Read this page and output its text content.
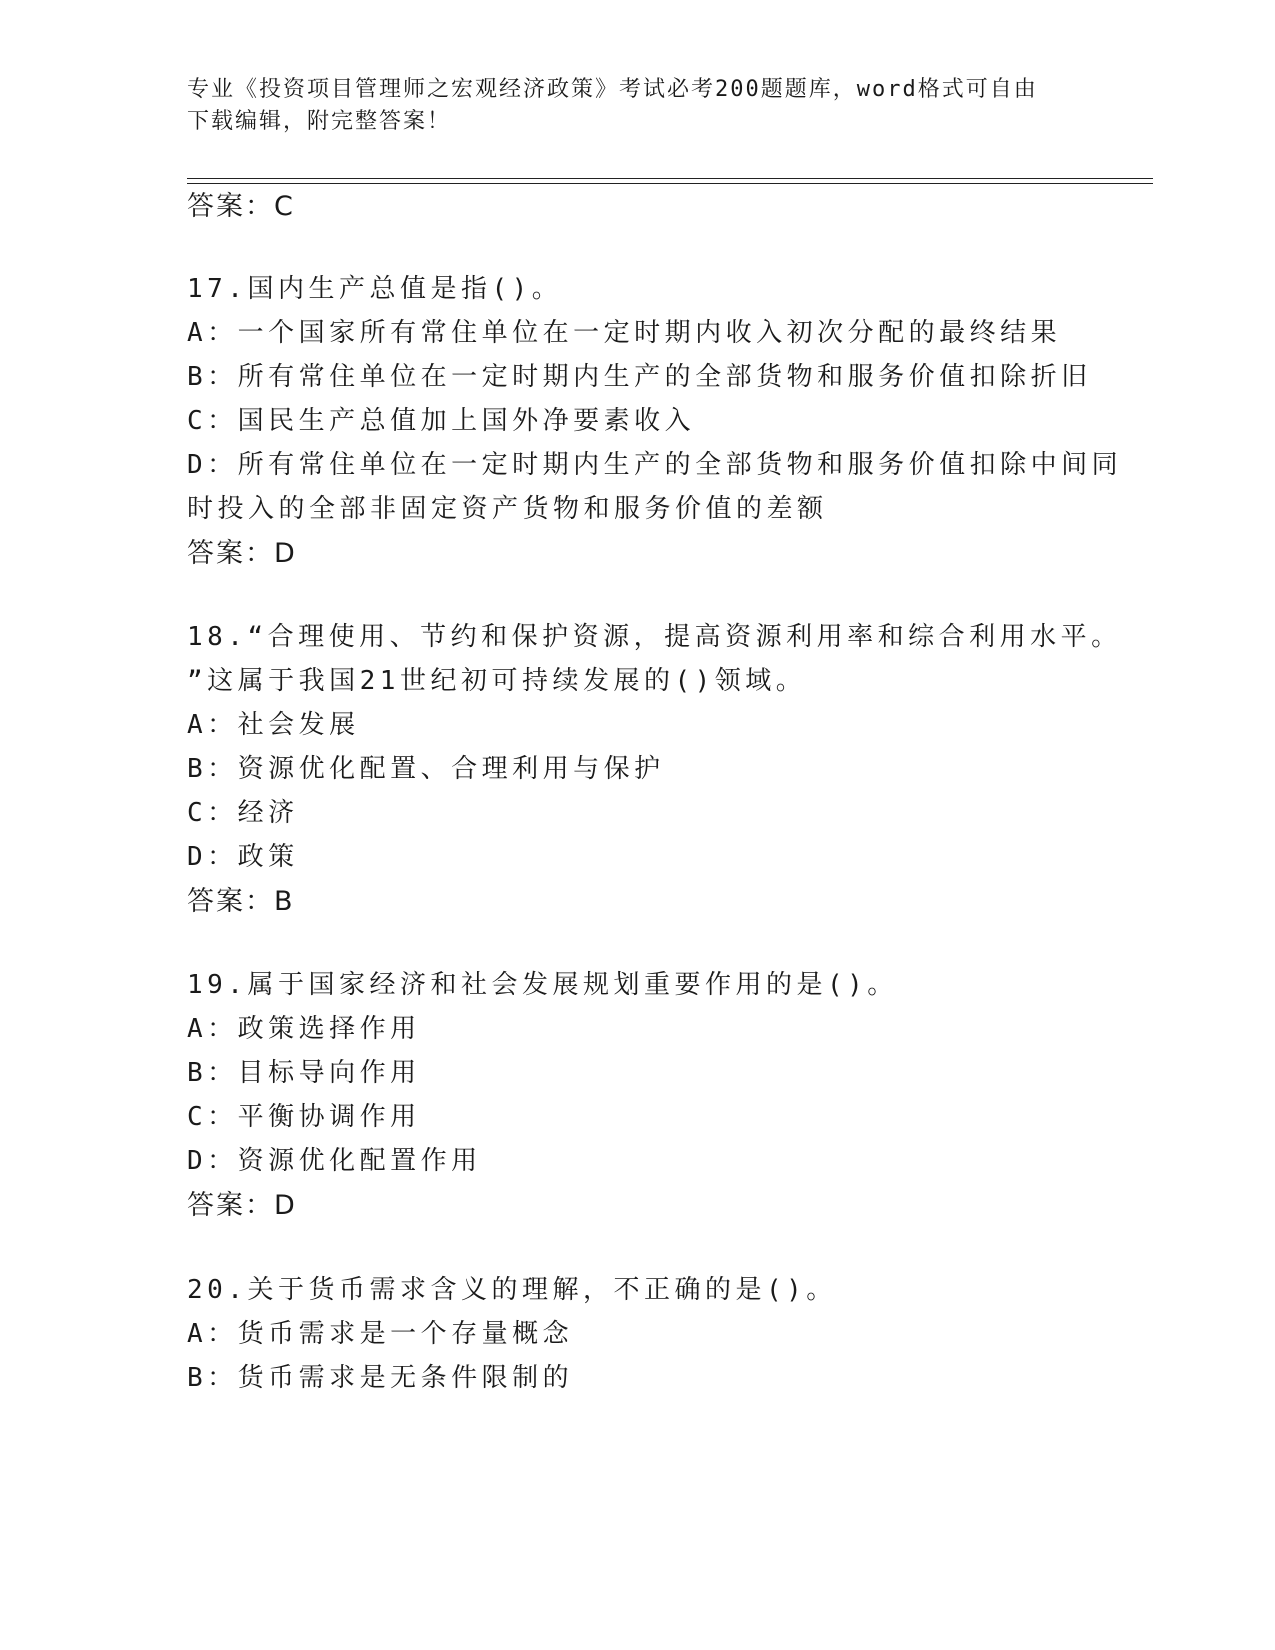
专业《投资项目管理师之宏观经济政策》考试必考200题题库，word格式可自由
下载编辑，附完整答案！
答案：C
17.国内生产总值是指()。
A：一个国家所有常住单位在一定时期内收入初次分配的最终结果
B：所有常住单位在一定时期内生产的全部货物和服务价值扣除折旧
C：国民生产总值加上国外净要素收入
D：所有常住单位在一定时期内生产的全部货物和服务价值扣除中间同
时投入的全部非固定资产货物和服务价值的差额
答案：D
18.“合理使用、节约和保护资源，提高资源利用率和综合利用水平。
”这属于我国21世纪初可持续发展的()领域。
A：社会发展
B：资源优化配置、合理利用与保护
C：经济
D：政策
答案：B
19.属于国家经济和社会发展规划重要作用的是()。
A：政策选择作用
B：目标导向作用
C：平衡协调作用
D：资源优化配置作用
答案：D
20.关于货币需求含义的理解，不正确的是()。
A：货币需求是一个存量概念
B：货币需求是无条件限制的
